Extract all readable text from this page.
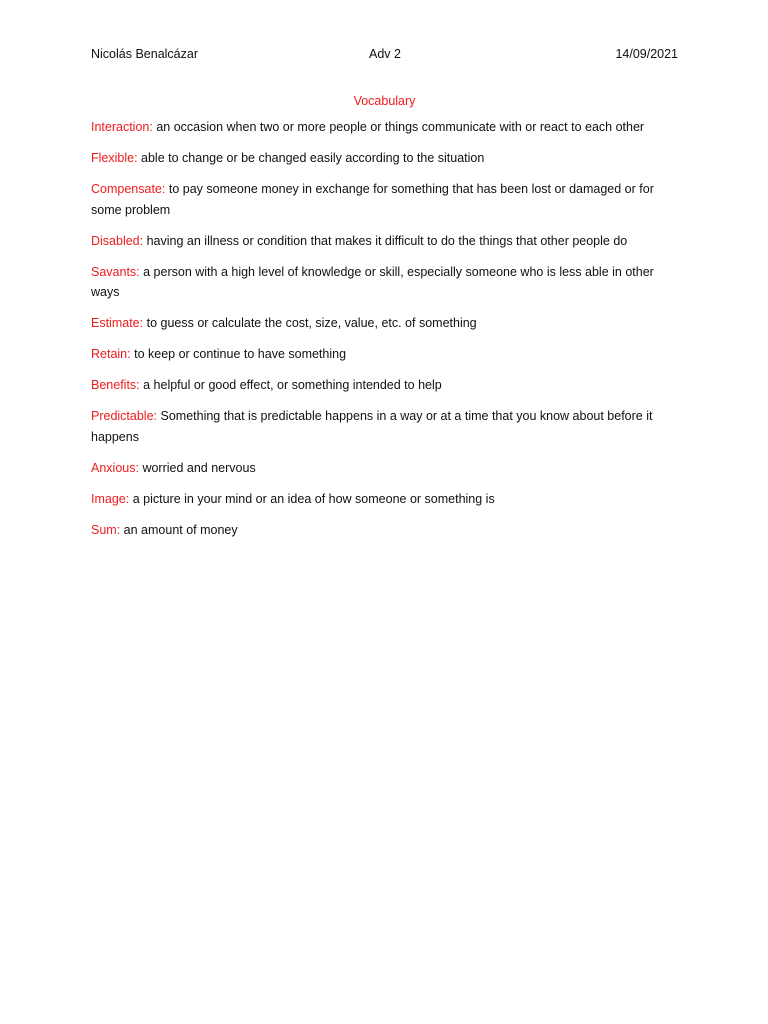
Nicolás Benalcázar	Adv 2	14/09/2021
Vocabulary

Interaction: an occasion when two or more people or things communicate with or react to each other

Flexible: able to change or be changed easily according to the situation

Compensate: to pay someone money in exchange for something that has been lost or damaged or for some problem

Disabled: having an illness or condition that makes it difficult to do the things that other people do

Savants: a person with a high level of knowledge or skill, especially someone who is less able in other ways

Estimate: to guess or calculate the cost, size, value, etc. of something

Retain: to keep or continue to have something

Benefits: a helpful or good effect, or something intended to help

Predictable: Something that is predictable happens in a way or at a time that you know about before it happens

Anxious: worried and nervous

Image: a picture in your mind or an idea of how someone or something is

Sum: an amount of money
